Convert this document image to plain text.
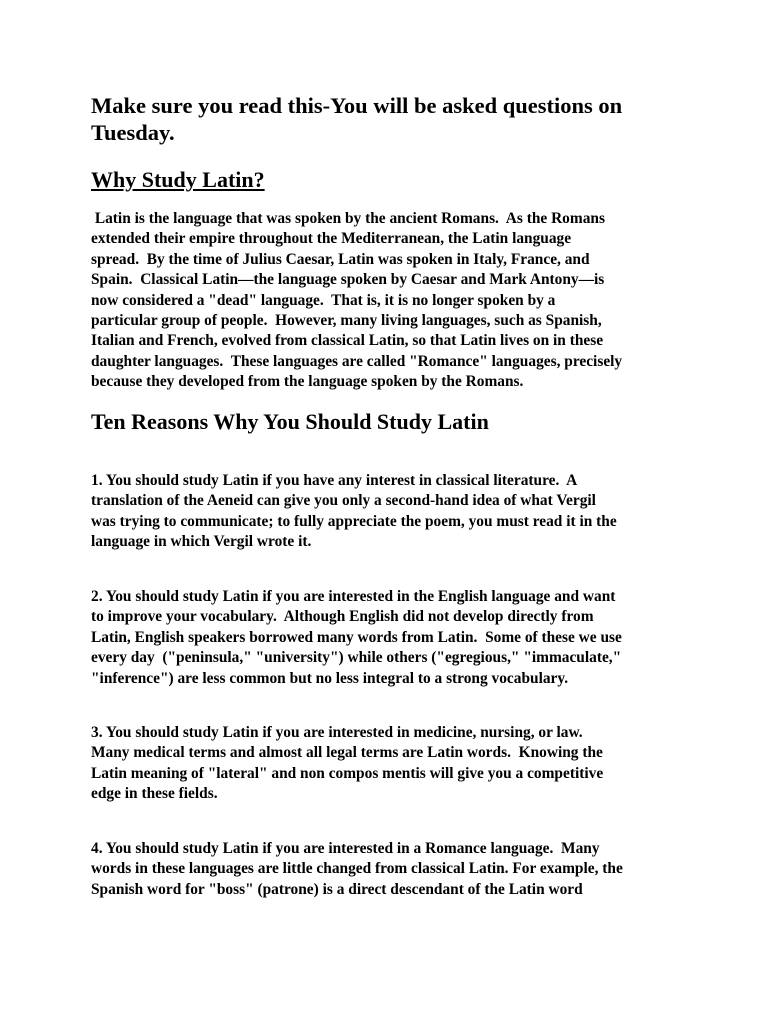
Make sure you read this-You will be asked questions on Tuesday.
Why Study Latin?
Latin is the language that was spoken by the ancient Romans.  As the Romans
extended their empire throughout the Mediterranean, the Latin language
spread.  By the time of Julius Caesar, Latin was spoken in Italy, France, and
Spain.  Classical Latin—the language spoken by Caesar and Mark Antony—is
now considered a "dead" language.  That is, it is no longer spoken by a
particular group of people.  However, many living languages, such as Spanish,
Italian and French, evolved from classical Latin, so that Latin lives on in these
daughter languages.  These languages are called "Romance" languages, precisely
because they developed from the language spoken by the Romans.
Ten Reasons Why You Should Study Latin
1. You should study Latin if you have any interest in classical literature.  A
translation of the Aeneid can give you only a second-hand idea of what Vergil
was trying to communicate; to fully appreciate the poem, you must read it in the
language in which Vergil wrote it.
2. You should study Latin if you are interested in the English language and want
to improve your vocabulary.  Although English did not develop directly from
Latin, English speakers borrowed many words from Latin.  Some of these we use
every day  ("peninsula," "university") while others ("egregious," "immaculate,"
"inference") are less common but no less integral to a strong vocabulary.
3. You should study Latin if you are interested in medicine, nursing, or law.
Many medical terms and almost all legal terms are Latin words.  Knowing the
Latin meaning of "lateral" and non compos mentis will give you a competitive
edge in these fields.
4. You should study Latin if you are interested in a Romance language.  Many
words in these languages are little changed from classical Latin. For example, the
Spanish word for "boss" (patrone) is a direct descendant of the Latin word
